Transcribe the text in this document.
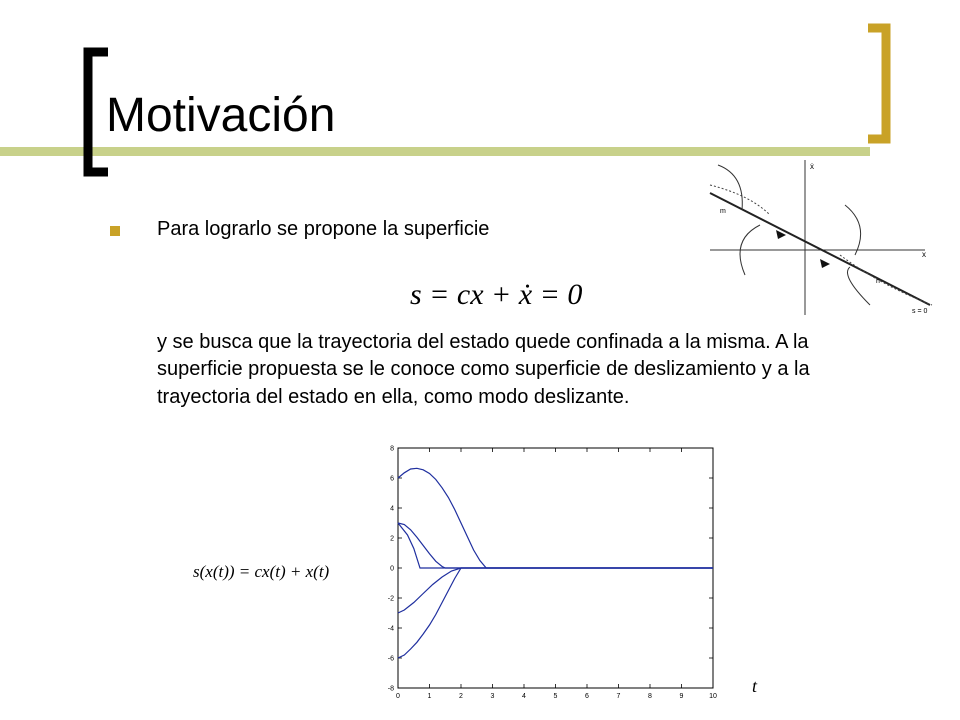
Motivación
Para lograrlo se propone la superficie
s = cx + ẋ = 0
y se busca que la trayectoria del estado quede confinada a la misma. A la superficie propuesta se le conoce como superficie de deslizamiento y a la trayectoria del estado en ella, como modo deslizante.
ẋ
x
m
n
s = 0
s(x(t)) = cx(t) + x(t)
0	1	2	3	4	5	6	7	8	9	10
-8
-6
-4
-2
0
2
4
6
8
t
